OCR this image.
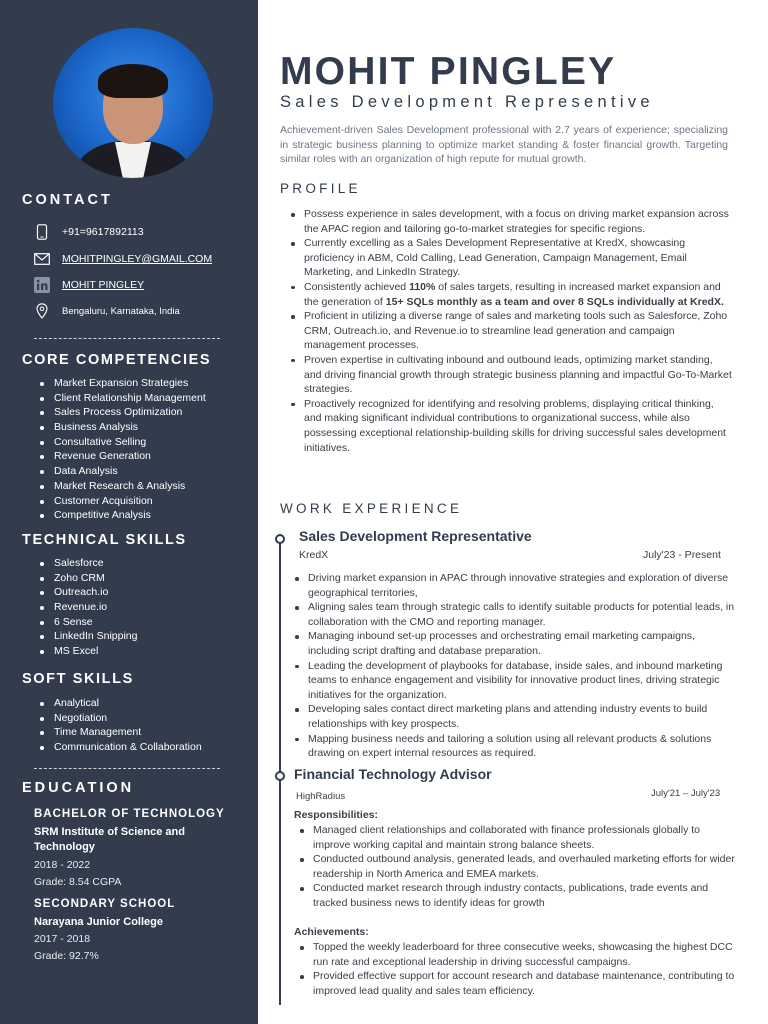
CONTACT
+91=9617892113
MOHITPINGLEY@GMAIL.COM
MOHIT PINGLEY
Bengaluru, Karnataka, India
CORE COMPETENCIES
Market Expansion Strategies
Client Relationship Management
Sales Process Optimization
Business Analysis
Consultative Selling
Revenue Generation
Data Analysis
Market Research & Analysis
Customer Acquisition
Competitive Analysis
TECHNICAL SKILLS
Salesforce
Zoho CRM
Outreach.io
Revenue.io
6 Sense
LinkedIn Snipping
MS Excel
SOFT SKILLS
Analytical
Negotiation
Time Management
Communication & Collaboration
EDUCATION
BACHELOR OF TECHNOLOGY
SRM Institute of Science and Technology
2018 - 2022
Grade: 8.54 CGPA
SECONDARY SCHOOL
Narayana Junior College
2017 - 2018
Grade: 92.7%
MOHIT PINGLEY
Sales Development Representive
Achievement-driven Sales Development professional with 2.7 years of experience; specializing in strategic business planning to optimize market standing & foster financial growth. Targeting similar roles with an organization of high repute for mutual growth.
PROFILE
Possess experience in sales development, with a focus on driving market expansion across the APAC region and tailoring go-to-market strategies for specific regions.
Currently excelling as a Sales Development Representative at KredX, showcasing proficiency in ABM, Cold Calling, Lead Generation, Campaign Management, Email Marketing, and LinkedIn Strategy.
Consistently achieved 110% of sales targets, resulting in increased market expansion and the generation of 15+ SQLs monthly as a team and over 8 SQLs individually at KredX.
Proficient in utilizing a diverse range of sales and marketing tools such as Salesforce, Zoho CRM, Outreach.io, and Revenue.io to streamline lead generation and campaign management processes.
Proven expertise in cultivating inbound and outbound leads, optimizing market standing, and driving financial growth through strategic business planning and impactful Go-To-Market strategies.
Proactively recognized for identifying and resolving problems, displaying critical thinking, and making significant individual contributions to organizational success, while also possessing exceptional relationship-building skills for driving successful sales development initiatives.
WORK EXPERIENCE
Sales Development Representative
KredX	July'23 - Present
Driving market expansion in APAC through innovative strategies and exploration of diverse geographical territories,
Aligning sales team through strategic calls to identify suitable products for potential leads, in collaboration with the CMO and reporting manager.
Managing inbound set-up processes and orchestrating email marketing campaigns, including script drafting and database preparation.
Leading the development of playbooks for database, inside sales, and inbound marketing teams to enhance engagement and visibility for innovative product lines, driving strategic initiatives for the organization.
Developing sales contact direct marketing plans and attending industry events to build relationships with key prospects.
Mapping business needs and tailoring a solution using all relevant products & solutions drawing on expert internal resources as required.
Financial Technology Advisor
HighRadius	July'21 – July'23
Responsibilities:
Managed client relationships and collaborated with finance professionals globally to improve working capital and maintain strong balance sheets.
Conducted outbound analysis, generated leads, and overhauled marketing efforts for wider readership in North America and EMEA markets.
Conducted market research through industry contacts, publications, trade events and tracked business news to identify ideas for growth
Achievements:
Topped the weekly leaderboard for three consecutive weeks, showcasing the highest DCC run rate and exceptional leadership in driving successful campaigns.
Provided effective support for account research and database maintenance, contributing to improved lead quality and sales team efficiency.
